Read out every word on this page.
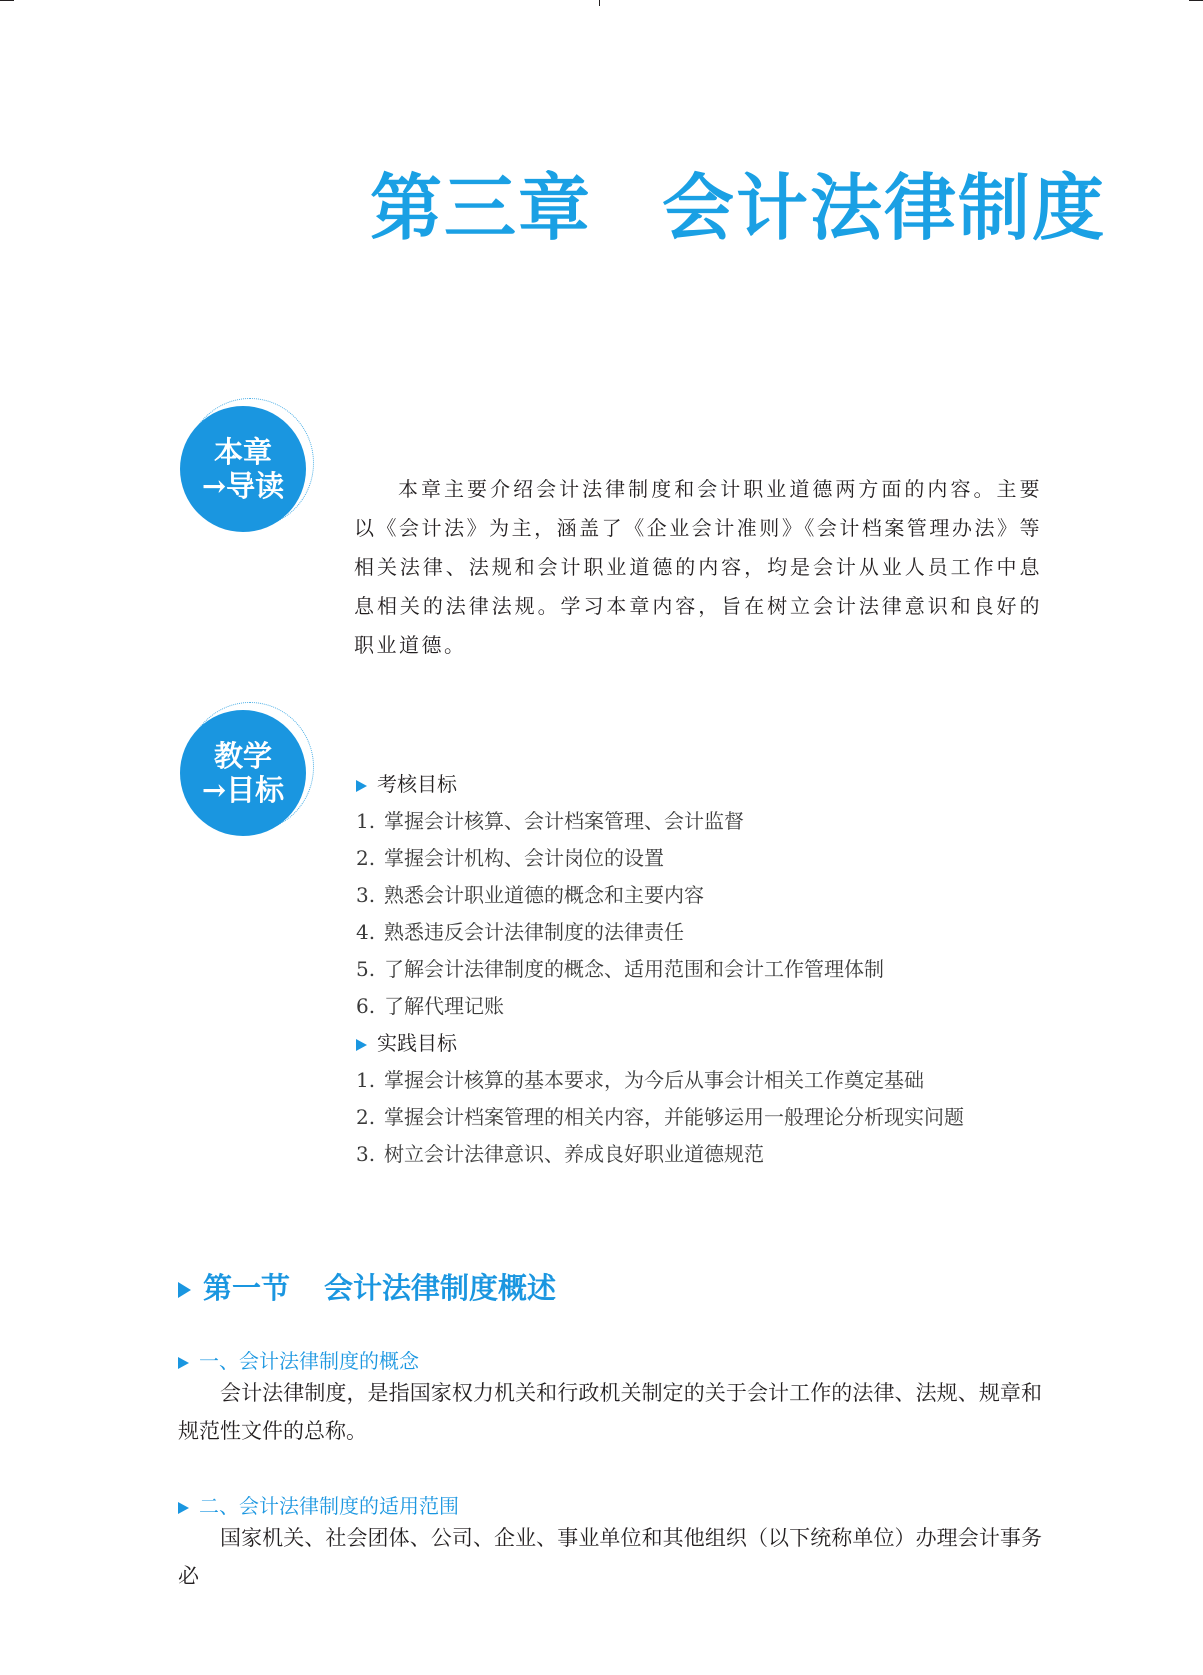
第三章 会计法律制度
本章
→导读	本章主要介绍会计法律制度和会计职业道德两方面的内容。主要以《会计法》为主，涵盖了《企业会计准则》《会计档案管理办法》等相关法律、法规和会计职业道德的内容，均是会计从业人员工作中息息相关的法律法规。学习本章内容，旨在树立会计法律意识和良好的职业道德。

教学
→目标	考核目标
1. 掌握会计核算、会计档案管理、会计监督
2. 掌握会计机构、会计岗位的设置
3. 熟悉会计职业道德的概念和主要内容
4. 熟悉违反会计法律制度的法律责任
5. 了解会计法律制度的概念、适用范围和会计工作管理体制
6. 了解代理记账
实践目标
1. 掌握会计核算的基本要求，为今后从事会计相关工作奠定基础
2. 掌握会计档案管理的相关内容，并能够运用一般理论分析现实问题
3. 树立会计法律意识、养成良好职业道德规范
第一节 会计法律制度概述
一、会计法律制度的概念

会计法律制度，是指国家权力机关和行政机关制定的关于会计工作的法律、法规、规章和规范性文件的总称。

二、会计法律制度的适用范围

国家机关、社会团体、公司、企业、事业单位和其他组织（以下统称单位）办理会计事务必
